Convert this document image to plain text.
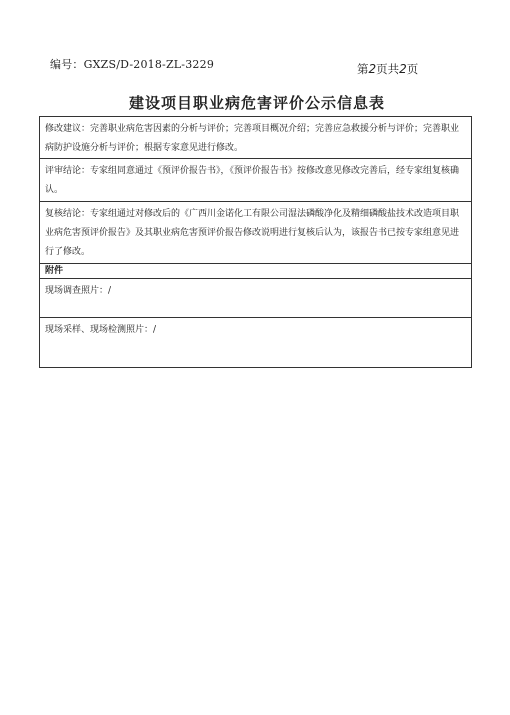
编号：GXZS/D-2018-ZL-3229	第2页共2页
建设项目职业病危害评价公示信息表
修改建议：完善职业病危害因素的分析与评价；完善项目概况介绍；完善应急救援分析与评价；完善职业病防护设施分析与评价；根据专家意见进行修改。
评审结论：专家组同意通过《预评价报告书》，《预评价报告书》按修改意见修改完善后，经专家组复核确认。
复核结论：专家组通过对修改后的《广西川金诺化工有限公司湿法磷酸净化及精细磷酸盐技术改造项目职业病危害预评价报告》及其职业病危害预评价报告修改说明进行复核后认为，该报告书已按专家组意见进行了修改。
附件
现场调查照片：/
现场采样、现场检测照片：/
